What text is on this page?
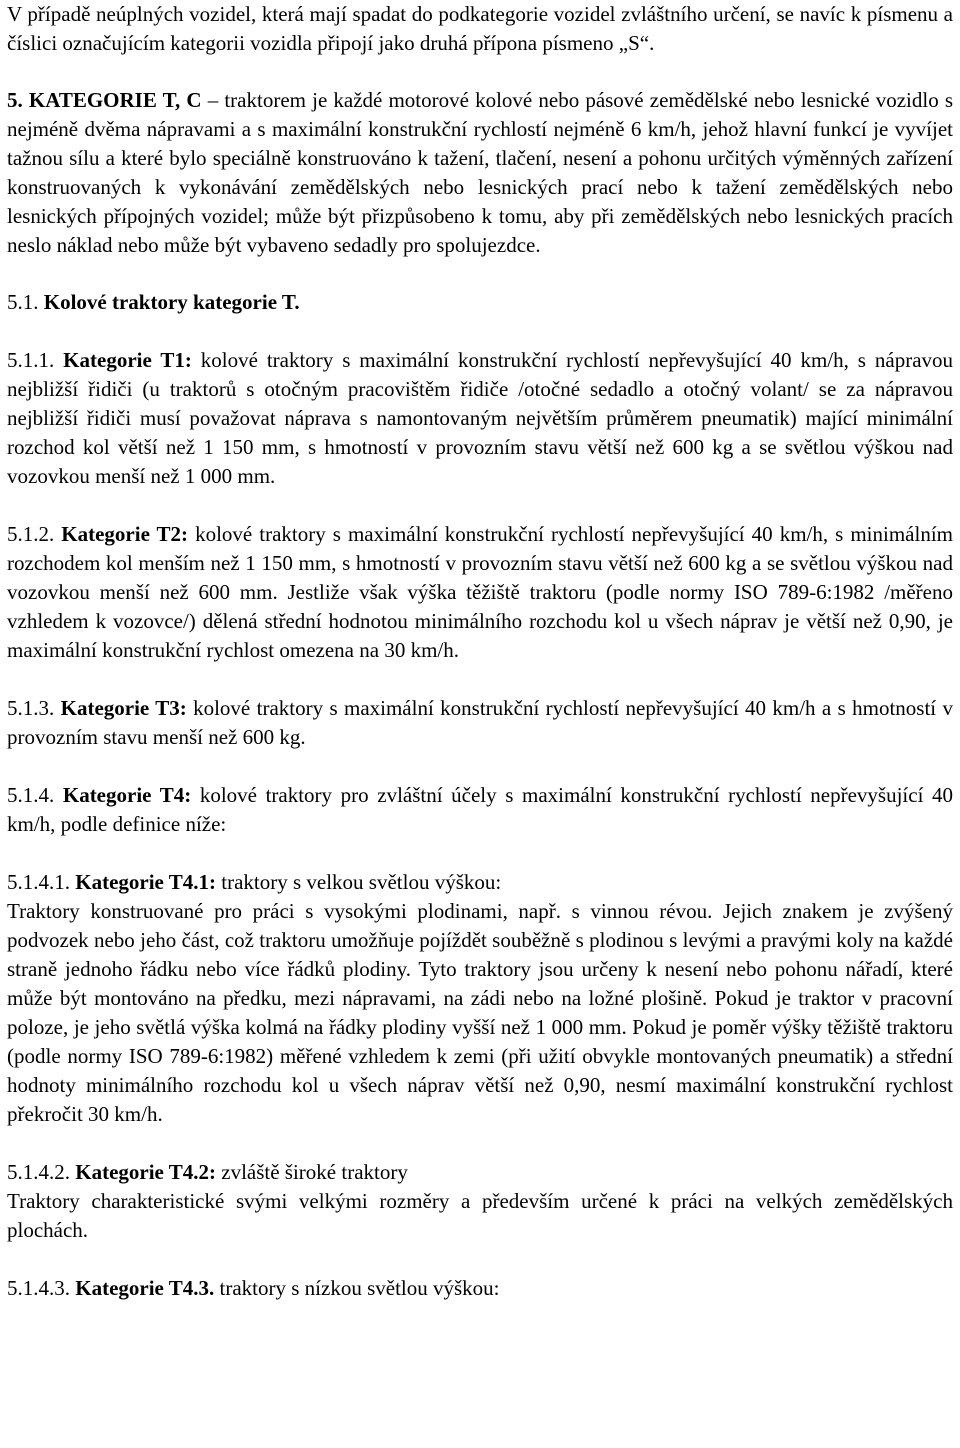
V případě neúplných vozidel, která mají spadat do podkategorie vozidel zvláštního určení, se navíc k písmenu a číslici označujícím kategorii vozidla připojí jako druhá přípona písmeno „S“.

5. KATEGORIE T, C – traktorem je každé motorové kolové nebo pásové zemědělské nebo lesnické vozidlo s nejméně dvěma nápravami a s maximální konstrukční rychlostí nejméně 6 km/h, jehož hlavní funkcí je vyvíjet tažnou sílu a které bylo speciálně konstruováno k tažení, tlačení, nesení a pohonu určitých výměnných zařízení konstruovaných k vykonávání zemědělských nebo lesnických prací nebo k tažení zemědělských nebo lesnických přípojných vozidel; může být přizpůsobeno k tomu, aby při zemědělských nebo lesnických pracích neslo náklad nebo může být vybaveno sedadly pro spolujezdce.

5.1. Kolové traktory kategorie T.

5.1.1. Kategorie T1: kolové traktory s maximální konstrukční rychlostí nepřevyšující 40 km/h, s nápravou nejbližší řidiči (u traktorů s otočným pracovištěm řidiče /otočné sedadlo a otočný volant/ se za nápravou nejbližší řidiči musí považovat náprava s namontovaným největším průměrem pneumatik) mající minimální rozchod kol větší než 1 150 mm, s hmotností v provozním stavu větší než 600 kg a se světlou výškou nad vozovkou menší než 1 000 mm.

5.1.2. Kategorie T2: kolové traktory s maximální konstrukční rychlostí nepřevyšující 40 km/h, s minimálním rozchodem kol menším než 1 150 mm, s hmotností v provozním stavu větší než 600 kg a se světlou výškou nad vozovkou menší než 600 mm. Jestliže však výška těžiště traktoru (podle normy ISO 789-6:1982 /měřeno vzhledem k vozovce/) dělená střední hodnotou minimálního rozchodu kol u všech náprav je větší než 0,90, je maximální konstrukční rychlost omezena na 30 km/h.

5.1.3. Kategorie T3: kolové traktory s maximální konstrukční rychlostí nepřevyšující 40 km/h a s hmotností v provozním stavu menší než 600 kg.

5.1.4. Kategorie T4: kolové traktory pro zvláštní účely s maximální konstrukční rychlostí nepřevyšující 40 km/h, podle definice níže:

5.1.4.1. Kategorie T4.1: traktory s velkou světlou výškou:

Traktory konstruované pro práci s vysokými plodinami, např. s vinnou révou. Jejich znakem je zvýšený podvozek nebo jeho část, což traktoru umožňuje pojíždět souběžně s plodinou s levými a pravými koly na každé straně jednoho řádku nebo více řádků plodiny. Tyto traktory jsou určeny k nesení nebo pohonu nářadí, které může být montováno na předku, mezi nápravami, na zádi nebo na ložné plošině. Pokud je traktor v pracovní poloze, je jeho světlá výška kolmá na řádky plodiny vyšší než 1 000 mm. Pokud je poměr výšky těžiště traktoru (podle normy ISO 789-6:1982) měřené vzhledem k zemi (při užití obvykle montovaných pneumatik) a střední hodnoty minimálního rozchodu kol u všech náprav větší než 0,90, nesmí maximální konstrukční rychlost překročit 30 km/h.

5.1.4.2. Kategorie T4.2: zvláště široké traktory

Traktory charakteristické svými velkými rozměry a především určené k práci na velkých zemědělských plochách.

5.1.4.3. Kategorie T4.3. traktory s nízkou světlou výškou:
